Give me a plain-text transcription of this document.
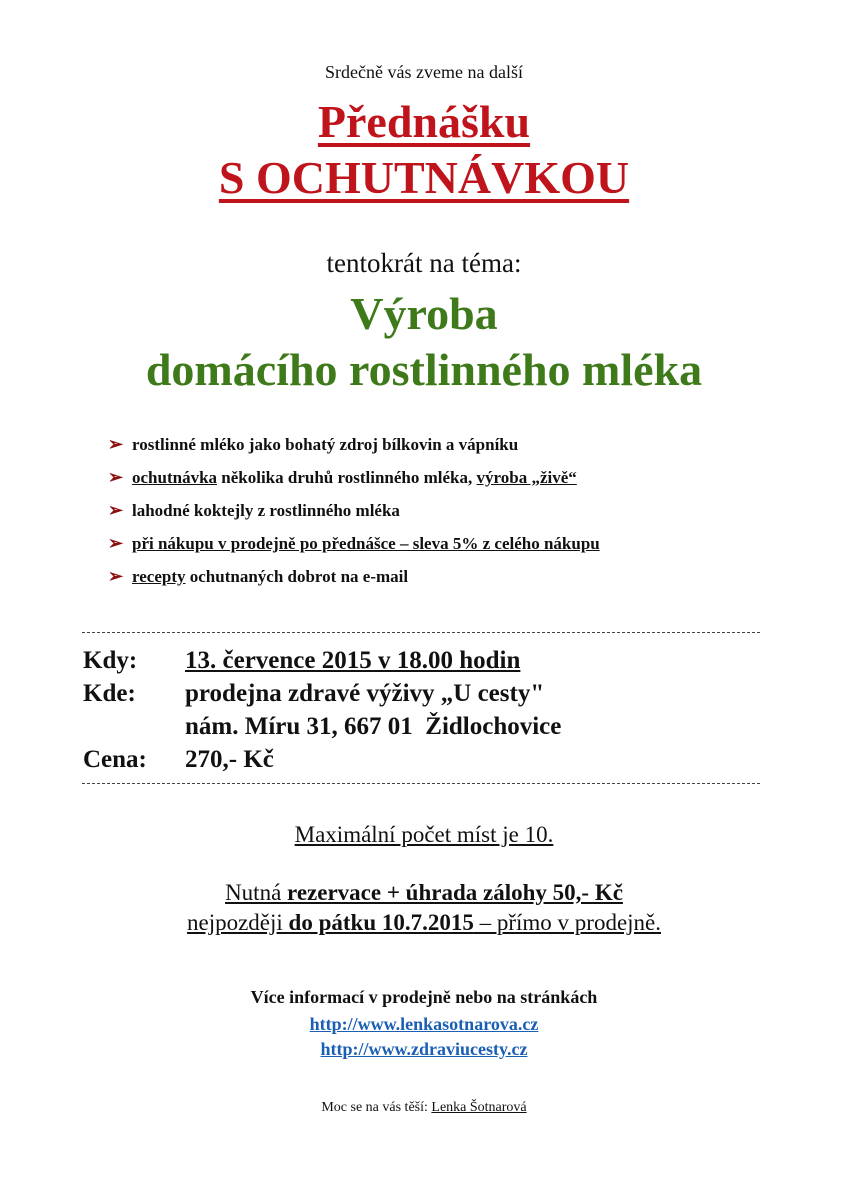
Srdečně vás zveme na další
Přednášku
S OCHUTNÁVKOU
tentokrát na téma:
Výroba
domácího rostlinného mléka
➢ rostlinné mléko jako bohatý zdroj bílkovin a vápníku
➢ ochutnávka několika druhů rostlinného mléka, výroba „živě“
➢ lahodné koktejly z rostlinného mléka
➢ při nákupu v prodejně po přednášce – sleva 5% z celého nákupu
➢ recepty ochutnaných dobrot na e-mail
Kdy:	13. července 2015 v 18.00 hodin
Kde:	prodejna zdravé výživy „U cesty"
nám. Míru 31, 667 01  Židlochovice
Cena:	270,- Kč
Maximální počet míst je 10.
Nutná rezervace + úhrada zálohy 50,- Kč
nejpozději do pátku 10.7.2015 – přímo v prodejně.
Více informací v prodejně nebo na stránkách
http://www.lenkasotnarova.cz
http://www.zdraviucesty.cz
Moc se na vás těší: Lenka Šotnarová
